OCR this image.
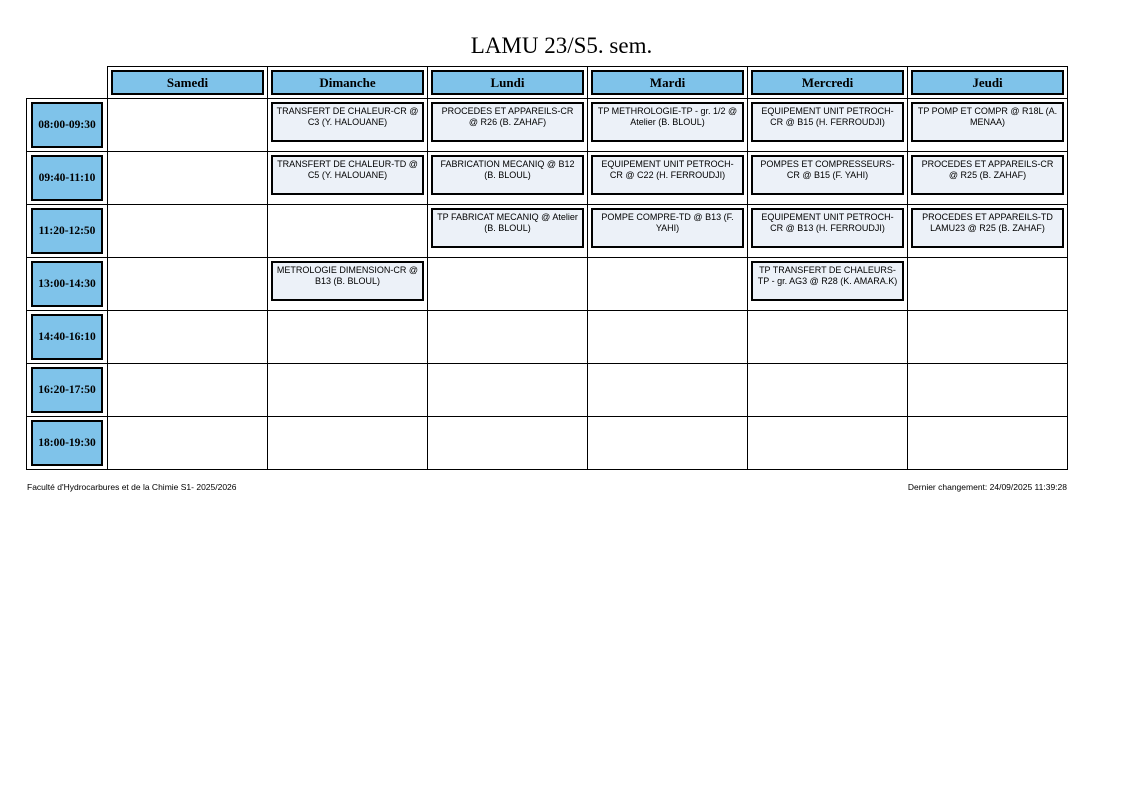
LAMU 23/S5. sem.

Samedi	Dimanche	Lundi	Mardi	Mercredi	Jeudi

08:00-09:30		TRANSFERT DE CHALEUR-CR @ C3 (Y. HALOUANE)	PROCEDES ET APPAREILS-CR @ R26 (B. ZAHAF)	TP METHROLOGIE-TP - gr. 1/2 @ Atelier (B. BLOUL)	EQUIPEMENT UNIT PETROCH-CR @ B15 (H. FERROUDJI)	TP POMP ET COMPR @ R18L (A. MENAA)

09:40-11:10		TRANSFERT DE CHALEUR-TD @ C5 (Y. HALOUANE)	FABRICATION MECANIQ @ B12 (B. BLOUL)	EQUIPEMENT UNIT PETROCH-CR @ C22 (H. FERROUDJI)	POMPES ET COMPRESSEURS-CR @ B15 (F. YAHI)	PROCEDES ET APPAREILS-CR @ R25 (B. ZAHAF)

11:20-12:50			TP FABRICAT MECANIQ @ Atelier (B. BLOUL)	POMPE COMPRE-TD @ B13 (F. YAHI)	EQUIPEMENT UNIT PETROCH-CR @ B13 (H. FERROUDJI)	PROCEDES ET APPAREILS-TD LAMU23 @ R25 (B. ZAHAF)

13:00-14:30		METROLOGIE DIMENSION-CR @ B13 (B. BLOUL)			TP TRANSFERT DE CHALEURS-TP - gr. AG3 @ R28 (K. AMARA.K)	

14:40-16:10						

16:20-17:50						

18:00-19:30						

Faculté d'Hydrocarbures et de la Chimie S1- 2025/2026	Dernier changement: 24/09/2025 11:39:28
